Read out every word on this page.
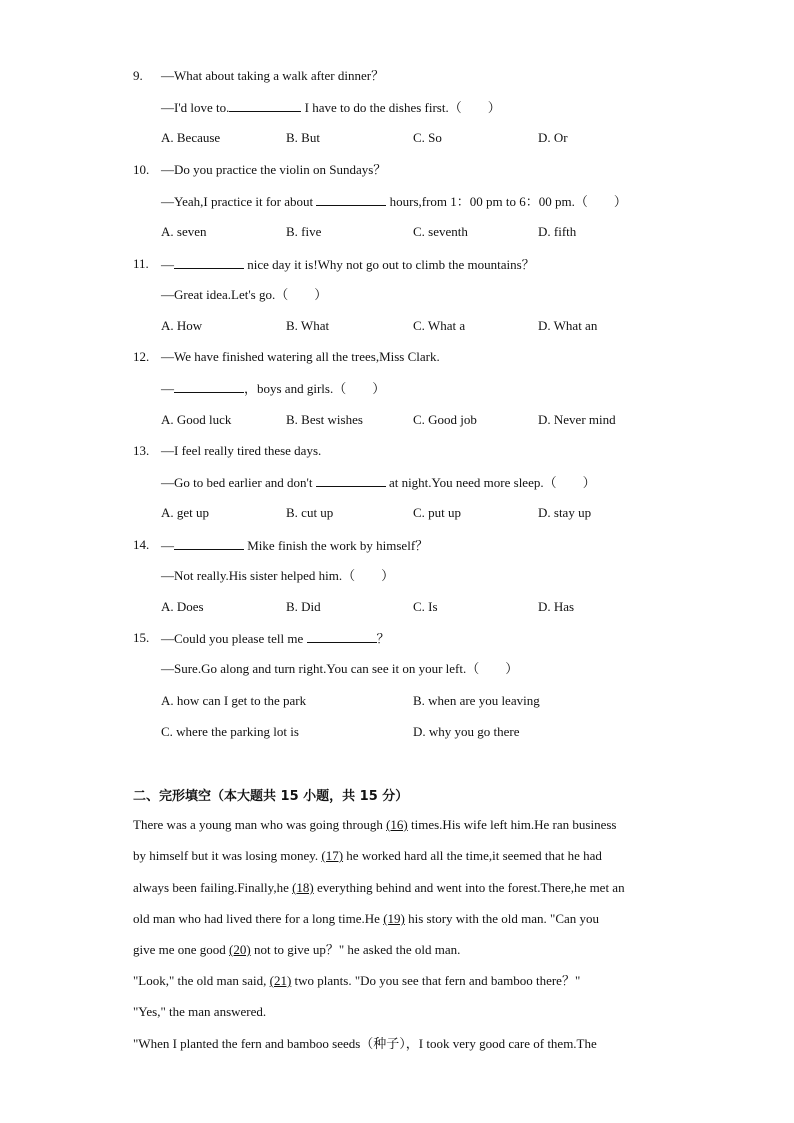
9. —What about taking a walk after dinner？
—I'd love to.	I have to do the dishes first.（　　）
A. Because	B. But	C. So	D. Or
10. —Do you practice the violin on Sundays？
—Yeah,I practice it for about	hours,from 1：00 pm to 6：00 pm.（　　）
A. seven	B. five	C. seventh	D. fifth
11. —	nice day it is!Why not go out to climb the mountains？
—Great idea.Let's go.（　　）
A. How	B. What	C. What a	D. What an
12. —We have finished watering all the trees,Miss Clark.
—	，boys and girls.（　　）
A. Good luck	B. Best wishes	C. Good job	D. Never mind
13. —I feel really tired these days.
—Go to bed earlier and don't	at night.You need more sleep.（　　）
A. get up	B. cut up	C. put up	D. stay up
14. —	Mike finish the work by himself？
—Not really.His sister helped him.（　　）
A. Does	B. Did	C. Is	D. Has
15. —Could you please tell me	？
—Sure.Go along and turn right.You can see it on your left.（　　）
A. how can I get to the park	B. when are you leaving
C. where the parking lot is	D. why you go there
二、完形填空（本大题共 15 小题，共 15 分）
There was a young man who was going through (16) times.His wife left him.He ran business
by himself but it was losing money. (17) he worked hard all the time,it seemed that he had
always been failing.Finally,he (18) everything behind and went into the forest.There,he met an
old man who had lived there for a long time.He (19) his story with the old man. "Can you
give me one good (20) not to give up？" he asked the old man.
"Look," the old man said, (21) two plants. "Do you see that fern and bamboo there？"
"Yes," the man answered.
"When I planted the fern and bamboo seeds（种子），I took very good care of them.The
